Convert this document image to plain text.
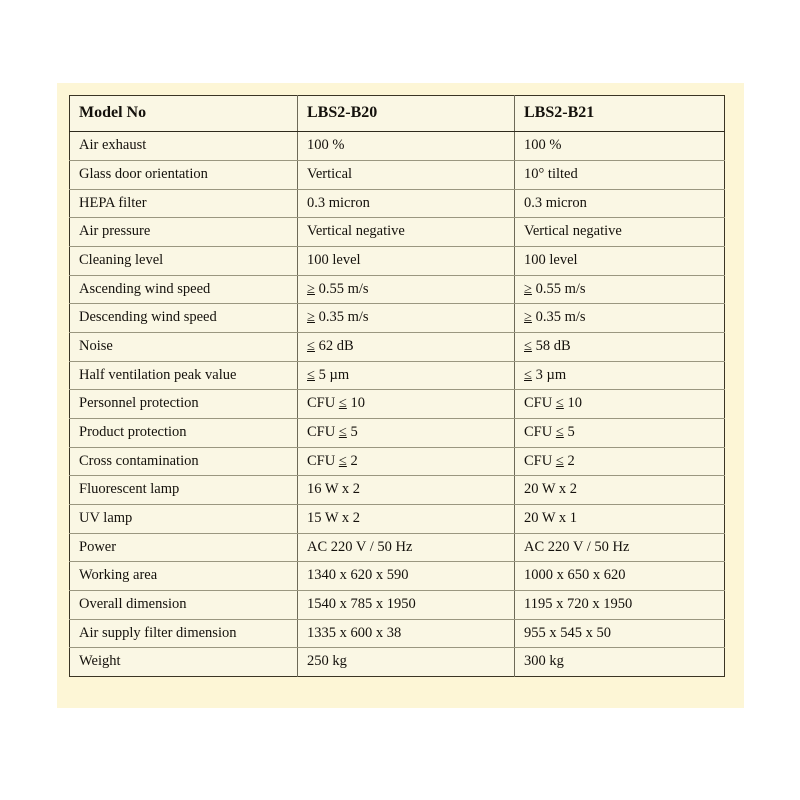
Model No	LBS2-B20	LBS2-B21
Air exhaust	100 %	100 %
Glass door orientation	Vertical	10° tilted
HEPA filter	0.3 micron	0.3 micron
Air pressure	Vertical negative	Vertical negative
Cleaning level	100 level	100 level
Ascending wind speed	≥ 0.55 m/s	≥ 0.55 m/s
Descending wind speed	≥ 0.35 m/s	≥ 0.35 m/s
Noise	≤ 62 dB	≤ 58 dB
Half ventilation peak value	≤ 5 µm	≤ 3 µm
Personnel protection	CFU ≤ 10	CFU ≤ 10
Product protection	CFU ≤ 5	CFU ≤ 5
Cross contamination	CFU ≤ 2	CFU ≤ 2
Fluorescent lamp	16 W x 2	20 W x 2
UV lamp	15 W x 2	20 W x 1
Power	AC 220 V / 50 Hz	AC 220 V / 50 Hz
Working area	1340 x 620 x 590	1000 x 650 x 620
Overall dimension	1540 x 785 x 1950	1195 x 720 x 1950
Air supply filter dimension	1335 x 600 x 38	955 x 545 x 50
Weight	250 kg	300 kg
